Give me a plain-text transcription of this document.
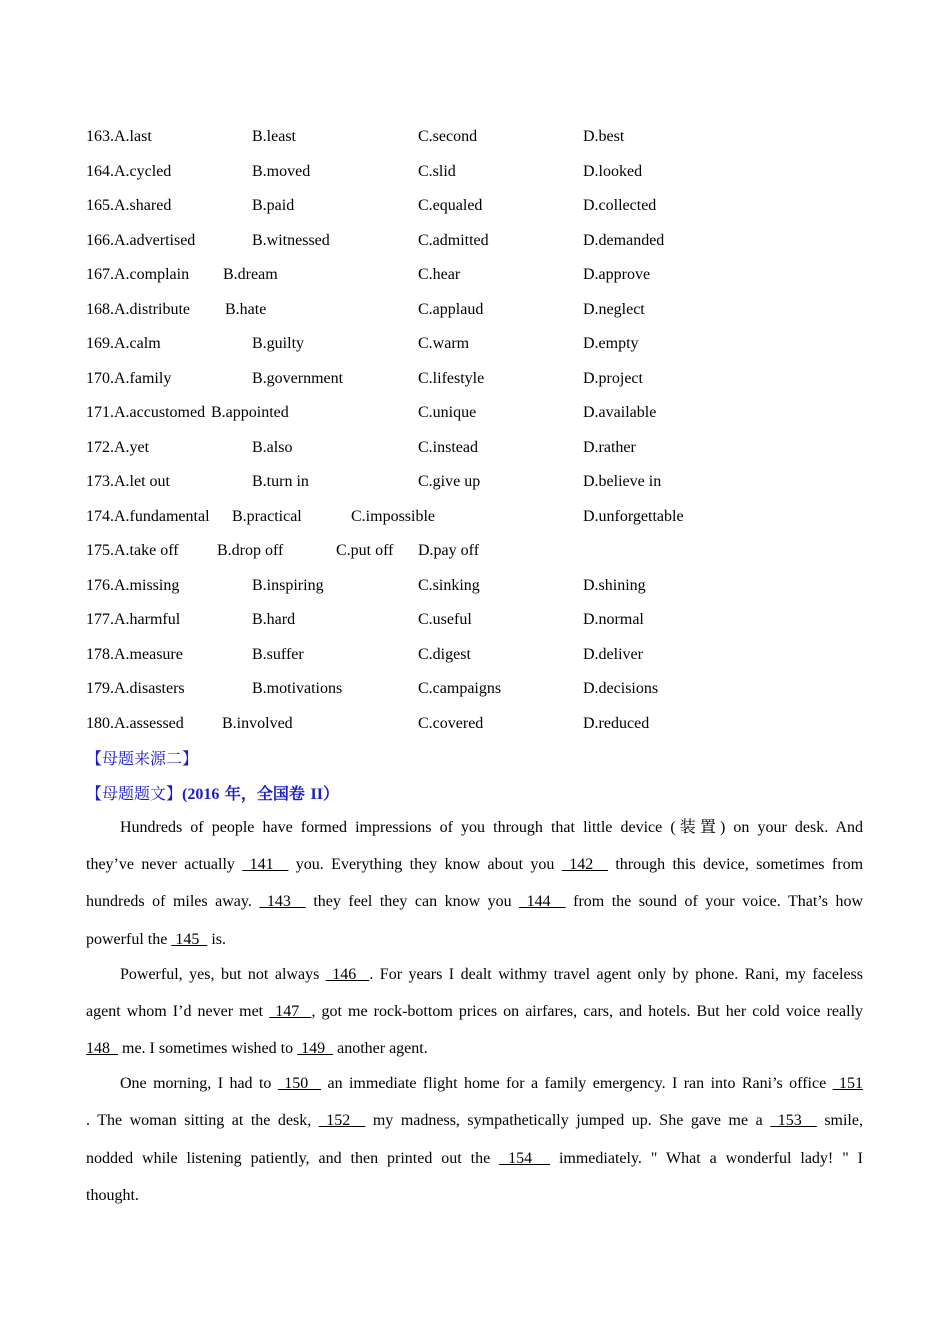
163.A.last	B.least	C.second	D.best
164.A.cycled	B.moved	C.slid	D.looked
165.A.shared	B.paid	C.equaled	D.collected
166.A.advertised	B.witnessed	C.admitted	D.demanded
167.A.complain B.dream	C.hear	D.approve
168.A.distribute B.hate	C.applaud	D.neglect
169.A.calm	B.guilty	C.warm	D.empty
170.A.family	B.government	C.lifestyle	D.project
171.A.accustomed B.appointed	C.unique	D.available
172.A.yet	B.also	C.instead	D.rather
173.A.let out	B.turn in	C.give up	D.believe in
174.A.fundamental B.practical	C.impossible	D.unforgettable
175.A.take off B.drop off	C.put off D.pay off
176.A.missing	B.inspiring	C.sinking	D.shining
177.A.harmful	B.hard	C.useful	D.normal
178.A.measure	B.suffer	C.digest	D.deliver
179.A.disasters	B.motivations	C.campaigns	D.decisions
180.A.assessed B.involved	C.covered	D.reduced
【母题来源二】
【母题题文】(2016 年，全国卷 II）
Hundreds of people have formed impressions of you through that little device (装置) on your desk. And
they’ve never actually  141   you. Everything they know about you  142   through this device, sometimes from
hundreds of miles away.  143   they feel they can know you  144   from the sound of your voice. That’s how
powerful the  145   is.
Powerful, yes, but not always  146  . For years I dealt withmy travel agent only by phone. Rani, my faceless
agent whom I’d never met  147  , got me rock-bottom prices on airfares, cars, and hotels. But her cold voice really
148   me. I sometimes wished to  149   another agent.
One morning, I had to  150   an immediate flight home for a family emergency. I ran into Rani’s office  151
. The woman sitting at the desk,  152   my madness, sympathetically jumped up. She gave me a  153   smile,
nodded while listening patiently, and then printed out the  154   immediately. " What a wonderful lady! " I
thought.
